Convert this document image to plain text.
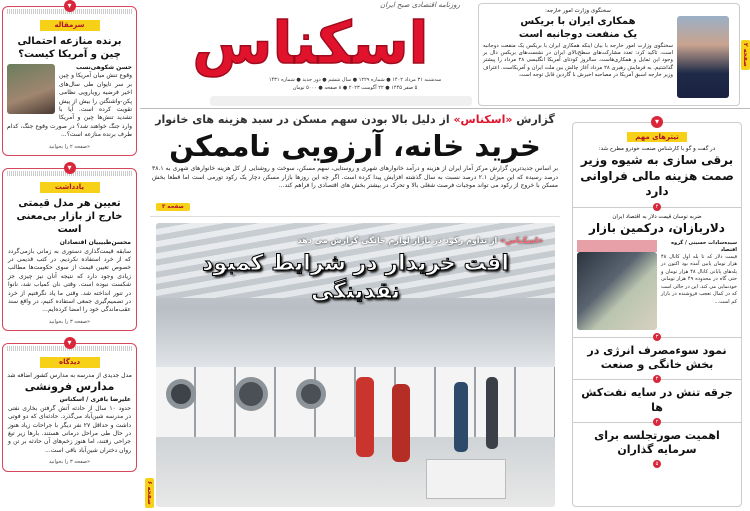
▾
سرمقاله
برنده منازعه احتمالی چین و آمریکا کیست؟
حسن شکوهی‌نسب
وقوع تنش میان آمریکا و چین بر سر تایوان طی سال‌های اخیر فرضیه رویارویی نظامی پکن-واشنگتن را بیش از پیش تقویت کرده است. آیا با تشدید تنش‌ها چین و آمریکا وارد جنگ خواهند شد؟ در صورت وقوع جنگ، کدام طرف برنده منازعه است؟...
«صفحه ۲ را بخوانید
▾
یادداشت
تعیین هر مدل قیمتی خارج از بازار بی‌معنی است
محسن‌طبیبیان اقتصادان
سابقه قیمت‌گذاری دستوری به زمانی بازمی‌گردد که از خرد استفاده نکردیم. در کتب قدیمی در خصوص تعیین قیمت از سوی حکومت‌ها مطالب زیادی وجود دارد که نتیجه آنان نیز چیزی جز شکست نبوده است. وقتی نان کمیاب شد، نانوا در تنور انداخته شد. وقتی ما یاد نگرفتیم از خرد در تصمیم‌گیری جمعی استفاده کنیم، در واقع سند عقب‌ماندگی خود را امضا کرده‌ایم...
«صفحه ۳ را بخوانید
▾
دیدگاه
مدل جدیدی از مدرسه به مدارس کشور اضافه شد
مدارس فرونشی
علیرضا باقری / اسکناس
حدود ۱۰ سال از حادثه آتش گرفتن بخاری نفتی در مدرسه شین‌آباد می‌گذرد. حادثه‌ای که دو فوتی داشت و حداقل ۲۷ نفر دیگر با جراحات زیاد هنوز در حال طی مراحل درمانی هستند. بارها زیر تیغ جراحی رفتند، اما هنوز زخم‌های آن حادثه بر تن و روان دختران شین‌آباد باقی است...
«صفحه ۳ را بخوانید
روزنامه اقتصادی صبح ایران
اسکناس
سه‌شنبه ۳۱ مرداد ۱۴۰۲ ● شماره ۱۲۲۹ ● سال ششم ● دور جدید ● شماره ۱۴۳۱
۵ صفر ۱۴۴۵ ● ۲۲ آگوست ۲۰۲۳ ● ۸ صفحه ● ۵۰۰۰ تومان
سخنگوی وزارت امور خارجه:
همکاری ایران با بریکس
یک منفعت دوجانبه است
سخنگوی وزارت امور خارجه با بیان اینکه همکاری ایران با بریکس یک منفعت دوجانبه است، تاکید کرد: تعدد مشارکت‌های سطح‌بالای ایران در نشست‌های بریکس دال بر وجود این تمایل و همکاری‌هاست. سالروز کودتای آمریکا انگلیسی ۲۸ مرداد را پیشتر گذاشتیم. به فرمایش رهبری ۲۸ مرداد آغاز چالش بین ملت ایران و آمریکاست. اعتراف وزیر خارجه اسبق آمریکا در مصاحبه اخیرش با گاردین قابل توجه است.
صفحه ۲
گزارش «اسکناس» از دلیل بالا بودن سهم مسکن در سبد هزینه های خانوار
خرید خانه، آرزویی ناممکن
بر اساس جدیدترین گزارش مرکز آمار ایران از هزینه و درآمد خانوارهای شهری و روستایی، سهم مسکن، سوخت و روشنایی از کل هزینه خانوارهای شهری به ۳۸.۱ درصد رسیده که این میزان ۲.۱ درصد نسبت به سال گذشته افزایش پیدا کرده است. اگر چه این روزها بازار مسکن دچار یک رکود تورمی است اما قطعا بخش مسکن با خروج از رکود می تواند موجبات فرصت شغلی بالا و تحرک در بیشتر بخش های اقتصادی را فراهم کند...
صفحه ۳
«اسکناس» از تداوم رکود در بازار لوازم خانگی گزارش می دهد
افت خریدار در شرایط کمبود نقدینگی
صفحه ۶
▾
تیترهای مهم
در گفت و گو با کارشناس صنعت خودرو مطرح شد:
برقی سازی به شیوه وزیر صمت هزینه مالی فراوانی دارد
۴
ضربه نوسان قیمت دلار به اقتصاد ایران
دلاربازان، درکمین بازار
سیده‌سادات حسینی / گروه اقتصاد
قیمت دلار که تا پله اول کانال ۴۸ هزار تومان پایین آمده بود اکنون در پله‌های پایانی کانال ۴۸ هزار تومان و حتی گاه در محدوده ۴۹ هزار تومانی خودنمایی می کند. این در حالی است که در کمال تعجب فروشنده در بازار کم است...
۳
نمود سوء‌مصرف انرژی در بخش خانگی و صنعت
۴
جرقه تنش در سایه نفت‌کش ها
۲
اهمیت صورتجلسه برای سرمایه گذاران
۵
